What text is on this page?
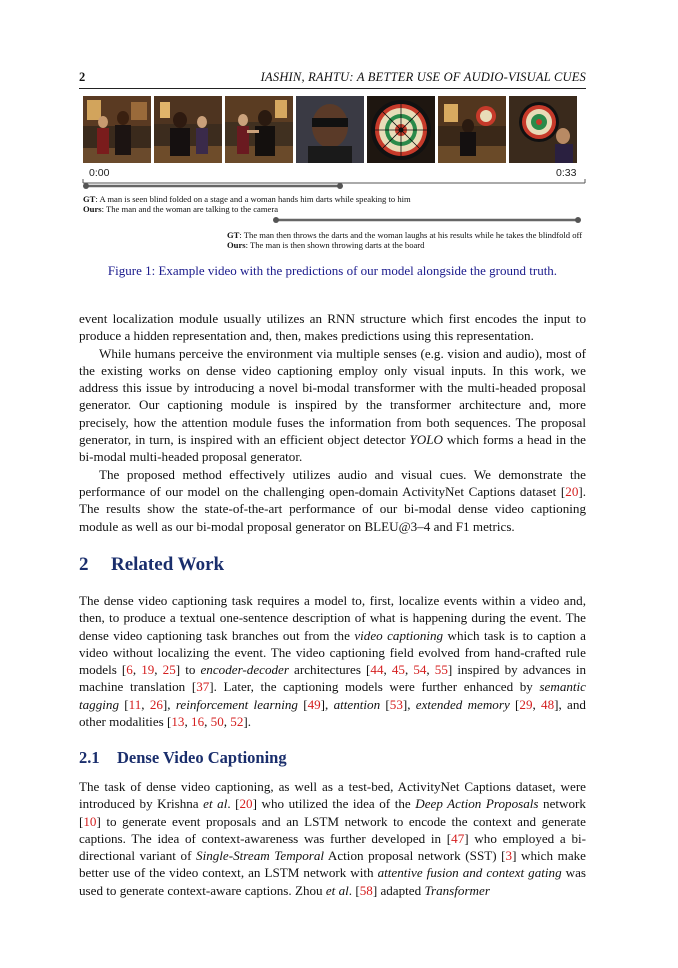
2	IASHIN, RAHTU: A BETTER USE OF AUDIO-VISUAL CUES
0:00	0:33
GT: A man is seen blind folded on a stage and a woman hands him darts while speaking to him
Ours: The man and the woman are talking to the camera
GT: The man then throws the darts and the woman laughs at his results while he takes the blindfold off
Ours: The man is then shown throwing darts at the board
Figure 1: Example video with the predictions of our model alongside the ground truth.

event localization module usually utilizes an RNN structure which first encodes the input to produce a hidden representation and, then, makes predictions using this representation.

While humans perceive the environment via multiple senses (e.g. vision and audio), most of the existing works on dense video captioning employ only visual inputs. In this work, we address this issue by introducing a novel bi-modal transformer with the multi-headed proposal generator. Our captioning module is inspired by the transformer architecture and, more precisely, how the attention module fuses the information from both sequences. The proposal generator, in turn, is inspired with an efficient object detector YOLO which forms a head in the bi-modal multi-headed proposal generator.

The proposed method effectively utilizes audio and visual cues. We demonstrate the performance of our model on the challenging open-domain ActivityNet Captions dataset [20]. The results show the state-of-the-art performance of our bi-modal dense video captioning module as well as our bi-modal proposal generator on BLEU@3–4 and F1 metrics.

2 Related Work

The dense video captioning task requires a model to, first, localize events within a video and, then, to produce a textual one-sentence description of what is happening during the event. The dense video captioning task branches out from the video captioning which task is to caption a video without localizing the event. The video captioning field evolved from hand-crafted rule models [6, 19, 25] to encoder-decoder architectures [44, 45, 54, 55] inspired by advances in machine translation [37]. Later, the captioning models were further enhanced by semantic tagging [11, 26], reinforcement learning [49], attention [53], extended memory [29, 48], and other modalities [13, 16, 50, 52].

2.1 Dense Video Captioning

The task of dense video captioning, as well as a test-bed, ActivityNet Captions dataset, were introduced by Krishna et al. [20] who utilized the idea of the Deep Action Proposals network [10] to generate event proposals and an LSTM network to encode the context and generate captions. The idea of context-awareness was further developed in [47] who employed a bi-directional variant of Single-Stream Temporal Action proposal network (SST) [3] which make better use of the video context, an LSTM network with attentive fusion and context gating was used to generate context-aware captions. Zhou et al. [58] adapted Transformer
